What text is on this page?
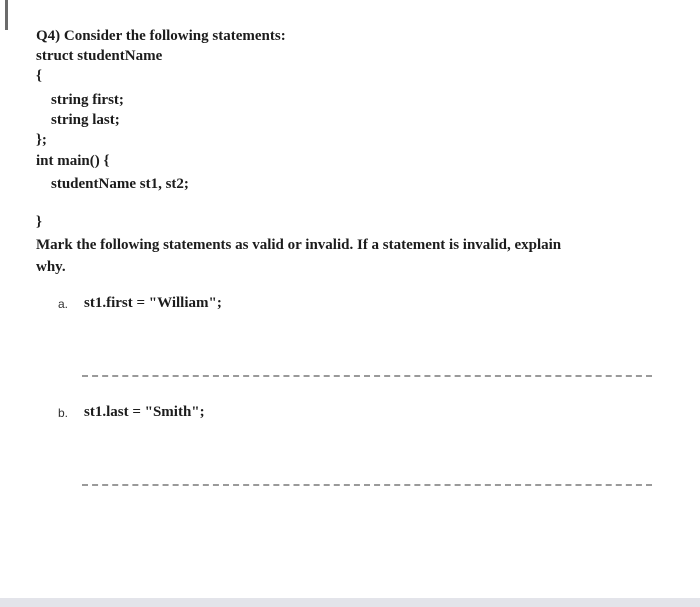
Q4) Consider the following statements:
struct studentName
{
string first;
string last;
};
int main() {
studentName st1, st2;
}
Mark the following statements as valid or invalid. If a statement is invalid, explain
why.
a. st1.first = "William";
b. st1.last = "Smith";
